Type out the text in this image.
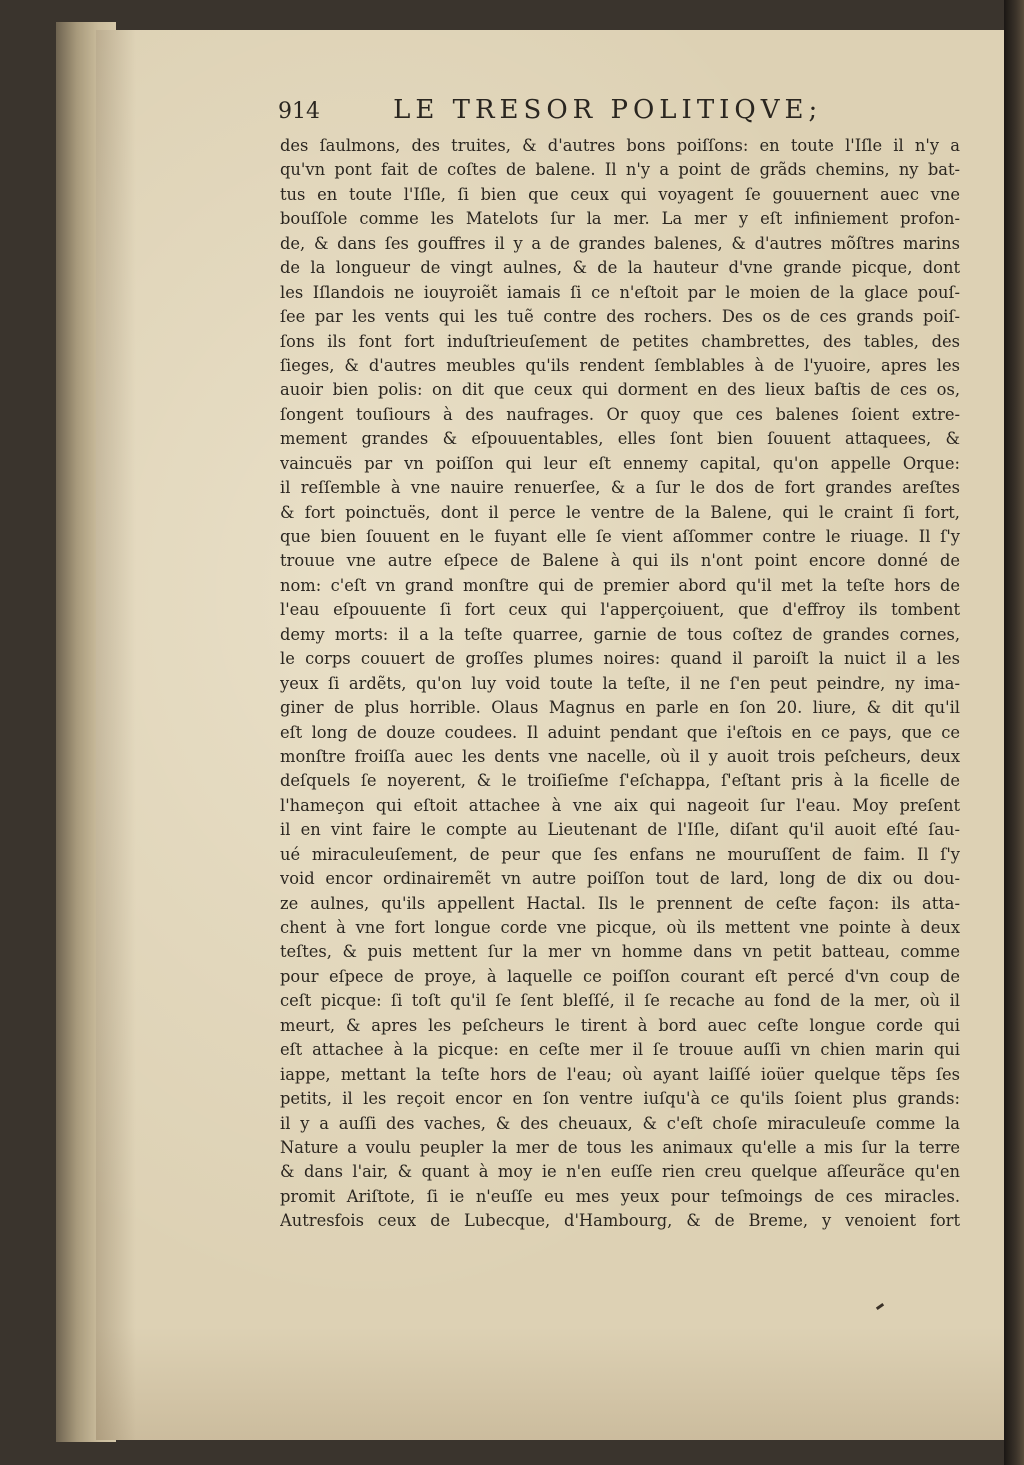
914	LE TRESOR POLITIQVE;
des ſaulmons, des truites, & d'autres bons poiſſons: en toute l'Iſle il n'y a
qu'vn pont fait de coſtes de balene. Il n'y a point de grãds chemins, ny bat-
tus en toute l'Iſle, ſi bien que ceux qui voyagent ſe gouuernent auec vne
bouſſole comme les Matelots ſur la mer. La mer y eſt infiniement profon-
de, & dans ſes gouffres il y a de grandes balenes, & d'autres mõſtres marins
de la longueur de vingt aulnes, & de la hauteur d'vne grande picque, dont
les Iſlandois ne iouyroiẽt iamais ſi ce n'eſtoit par le moien de la glace pouſ-
ſee par les vents qui les tuẽ contre des rochers. Des os de ces grands poiſ-
ſons ils font fort induſtrieuſement de petites chambrettes, des tables, des
ſieges, & d'autres meubles qu'ils rendent ſemblables à de l'yuoire, apres les
auoir bien polis: on dit que ceux qui dorment en des lieux baſtis de ces os,
ſongent touſiours à des naufrages. Or quoy que ces balenes ſoient extre-
mement grandes & eſpouuentables, elles ſont bien ſouuent attaquees, &
vaincuës par vn poiſſon qui leur eſt ennemy capital, qu'on appelle Orque:
il reſſemble à vne nauire renuerſee, & a ſur le dos de fort grandes areſtes
& fort poinctuës, dont il perce le ventre de la Balene, qui le craint ſi fort,
que bien ſouuent en le fuyant elle ſe vient aſſommer contre le riuage. Il ſ'y
trouue vne autre eſpece de Balene à qui ils n'ont point encore donné de
nom: c'eſt vn grand monſtre qui de premier abord qu'il met la teſte hors de
l'eau eſpouuente ſi fort ceux qui l'apperçoiuent, que d'effroy ils tombent
demy morts: il a la teſte quarree, garnie de tous coſtez de grandes cornes,
le corps couuert de groſſes plumes noires: quand il paroiſt la nuict il a les
yeux ſi ardẽts, qu'on luy void toute la teſte, il ne ſ'en peut peindre, ny ima-
giner de plus horrible. Olaus Magnus en parle en ſon 20. liure, & dit qu'il
eſt long de douze coudees. Il aduint pendant que i'eſtois en ce pays, que ce
monſtre froiſſa auec les dents vne nacelle, où il y auoit trois peſcheurs, deux
deſquels ſe noyerent, & le troiſieſme ſ'eſchappa, ſ'eſtant pris à la ficelle de
l'hameçon qui eſtoit attachee à vne aix qui nageoit ſur l'eau. Moy preſent
il en vint faire le compte au Lieutenant de l'Iſle, diſant qu'il auoit eſté ſau-
ué miraculeuſement, de peur que ſes enfans ne mouruſſent de faim. Il ſ'y
void encor ordinairemẽt vn autre poiſſon tout de lard, long de dix ou dou-
ze aulnes, qu'ils appellent Hactal. Ils le prennent de ceſte façon: ils atta-
chent à vne fort longue corde vne picque, où ils mettent vne pointe à deux
teſtes, & puis mettent ſur la mer vn homme dans vn petit batteau, comme
pour eſpece de proye, à laquelle ce poiſſon courant eſt percé d'vn coup de
ceſt picque: ſi toſt qu'il ſe ſent bleſſé, il ſe recache au fond de la mer, où il
meurt, & apres les peſcheurs le tirent à bord auec ceſte longue corde qui
eſt attachee à la picque: en ceſte mer il ſe trouue auſſi vn chien marin qui
iappe, mettant la teſte hors de l'eau; où ayant laiſſé ioüer quelque tẽps ſes
petits, il les reçoit encor en ſon ventre iuſqu'à ce qu'ils ſoient plus grands:
il y a auſſi des vaches, & des cheuaux, & c'eſt choſe miraculeuſe comme la
Nature a voulu peupler la mer de tous les animaux qu'elle a mis ſur la terre
& dans l'air, & quant à moy ie n'en euſſe rien creu quelque aſſeurãce qu'en
promit Ariſtote, ſi ie n'euſſe eu mes yeux pour teſmoings de ces miracles.
Autresfois ceux de Lubecque, d'Hambourg, & de Breme, y venoient fort
